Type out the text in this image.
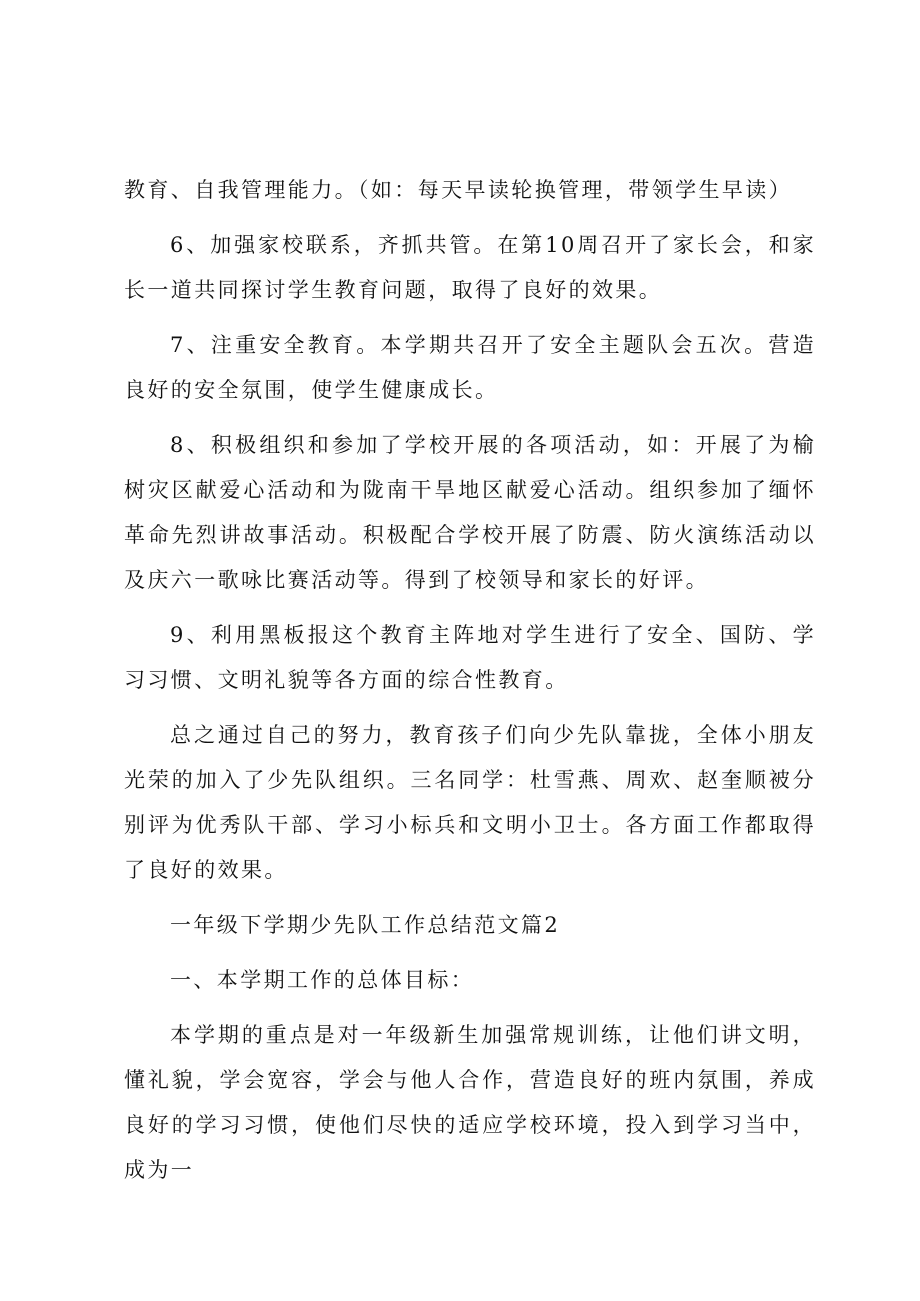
教育、自我管理能力。（如：每天早读轮换管理，带领学生早读）

6、加强家校联系，齐抓共管。在第10周召开了家长会，和家长一道共同探讨学生教育问题，取得了良好的效果。

7、注重安全教育。本学期共召开了安全主题队会五次。营造良好的安全氛围，使学生健康成长。

8、积极组织和参加了学校开展的各项活动，如：开展了为榆树灾区献爱心活动和为陇南干旱地区献爱心活动。组织参加了缅怀革命先烈讲故事活动。积极配合学校开展了防震、防火演练活动以及庆六一歌咏比赛活动等。得到了校领导和家长的好评。

9、利用黑板报这个教育主阵地对学生进行了安全、国防、学习习惯、文明礼貌等各方面的综合性教育。

总之通过自己的努力，教育孩子们向少先队靠拢，全体小朋友光荣的加入了少先队组织。三名同学：杜雪燕、周欢、赵奎顺被分别评为优秀队干部、学习小标兵和文明小卫士。各方面工作都取得了良好的效果。

一年级下学期少先队工作总结范文篇2

一、本学期工作的总体目标：

本学期的重点是对一年级新生加强常规训练，让他们讲文明，懂礼貌，学会宽容，学会与他人合作，营造良好的班内氛围，养成良好的学习习惯，使他们尽快的适应学校环境，投入到学习当中，成为一
